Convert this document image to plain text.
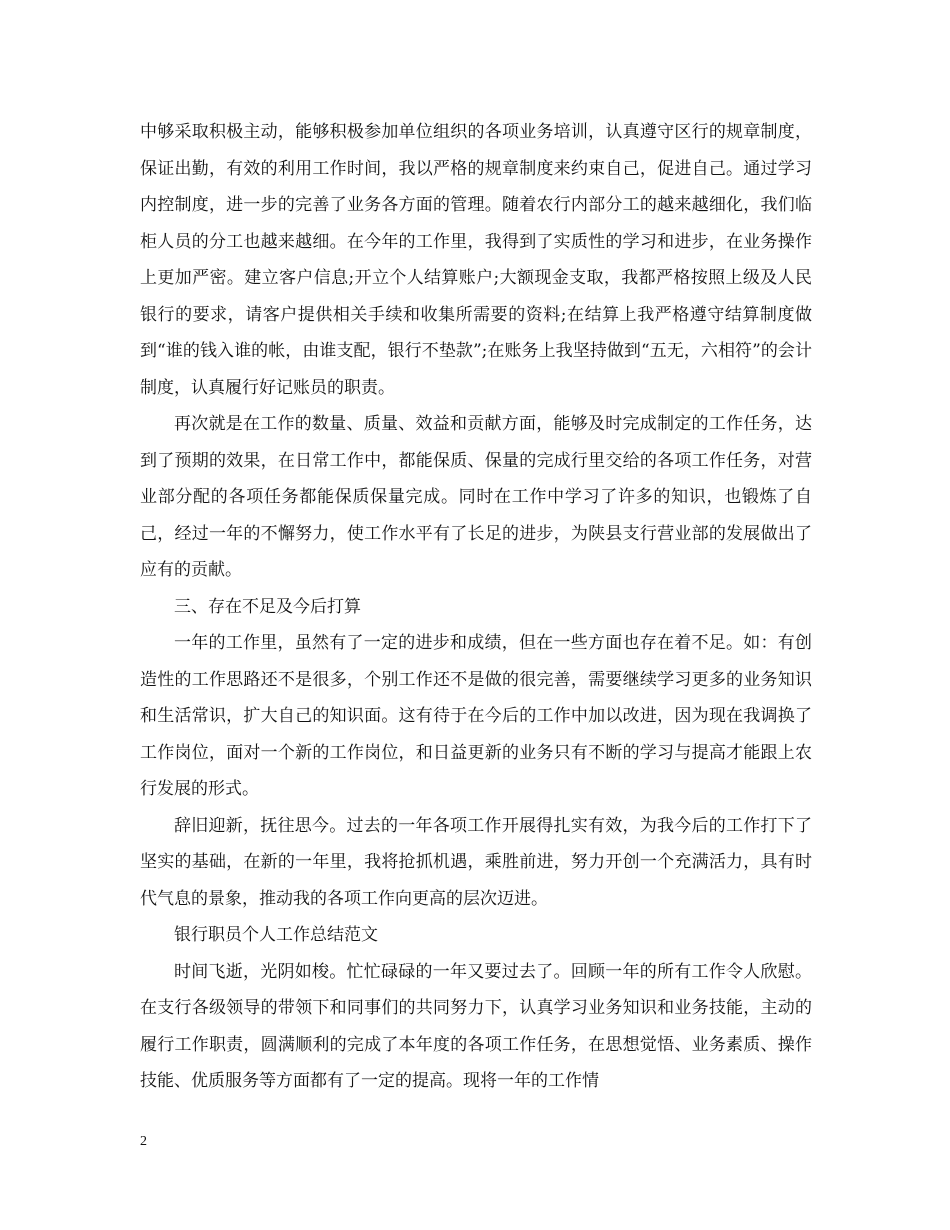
中够采取积极主动，能够积极参加单位组织的各项业务培训，认真遵守区行的规章制度，保证出勤，有效的利用工作时间，我以严格的规章制度来约束自己，促进自己。通过学习内控制度，进一步的完善了业务各方面的管理。随着农行内部分工的越来越细化，我们临柜人员的分工也越来越细。在今年的工作里，我得到了实质性的学习和进步，在业务操作上更加严密。建立客户信息;开立个人结算账户;大额现金支取，我都严格按照上级及人民银行的要求，请客户提供相关手续和收集所需要的资料;在结算上我严格遵守结算制度做到“谁的钱入谁的帐，由谁支配，银行不垫款”;在账务上我坚持做到“五无，六相符”的会计制度，认真履行好记账员的职责。

再次就是在工作的数量、质量、效益和贡献方面，能够及时完成制定的工作任务，达到了预期的效果，在日常工作中，都能保质、保量的完成行里交给的各项工作任务，对营业部分配的各项任务都能保质保量完成。同时在工作中学习了许多的知识，也锻炼了自己，经过一年的不懈努力，使工作水平有了长足的进步，为陕县支行营业部的发展做出了应有的贡献。

三、存在不足及今后打算

一年的工作里，虽然有了一定的进步和成绩，但在一些方面也存在着不足。如：有创造性的工作思路还不是很多，个别工作还不是做的很完善，需要继续学习更多的业务知识和生活常识，扩大自己的知识面。这有待于在今后的工作中加以改进，因为现在我调换了工作岗位，面对一个新的工作岗位，和日益更新的业务只有不断的学习与提高才能跟上农行发展的形式。

辞旧迎新，抚往思今。过去的一年各项工作开展得扎实有效，为我今后的工作打下了坚实的基础，在新的一年里，我将抢抓机遇，乘胜前进，努力开创一个充满活力，具有时代气息的景象，推动我的各项工作向更高的层次迈进。

银行职员个人工作总结范文

时间飞逝，光阴如梭。忙忙碌碌的一年又要过去了。回顾一年的所有工作令人欣慰。在支行各级领导的带领下和同事们的共同努力下，认真学习业务知识和业务技能，主动的履行工作职责，圆满顺利的完成了本年度的各项工作任务，在思想觉悟、业务素质、操作技能、优质服务等方面都有了一定的提高。现将一年的工作情

2
